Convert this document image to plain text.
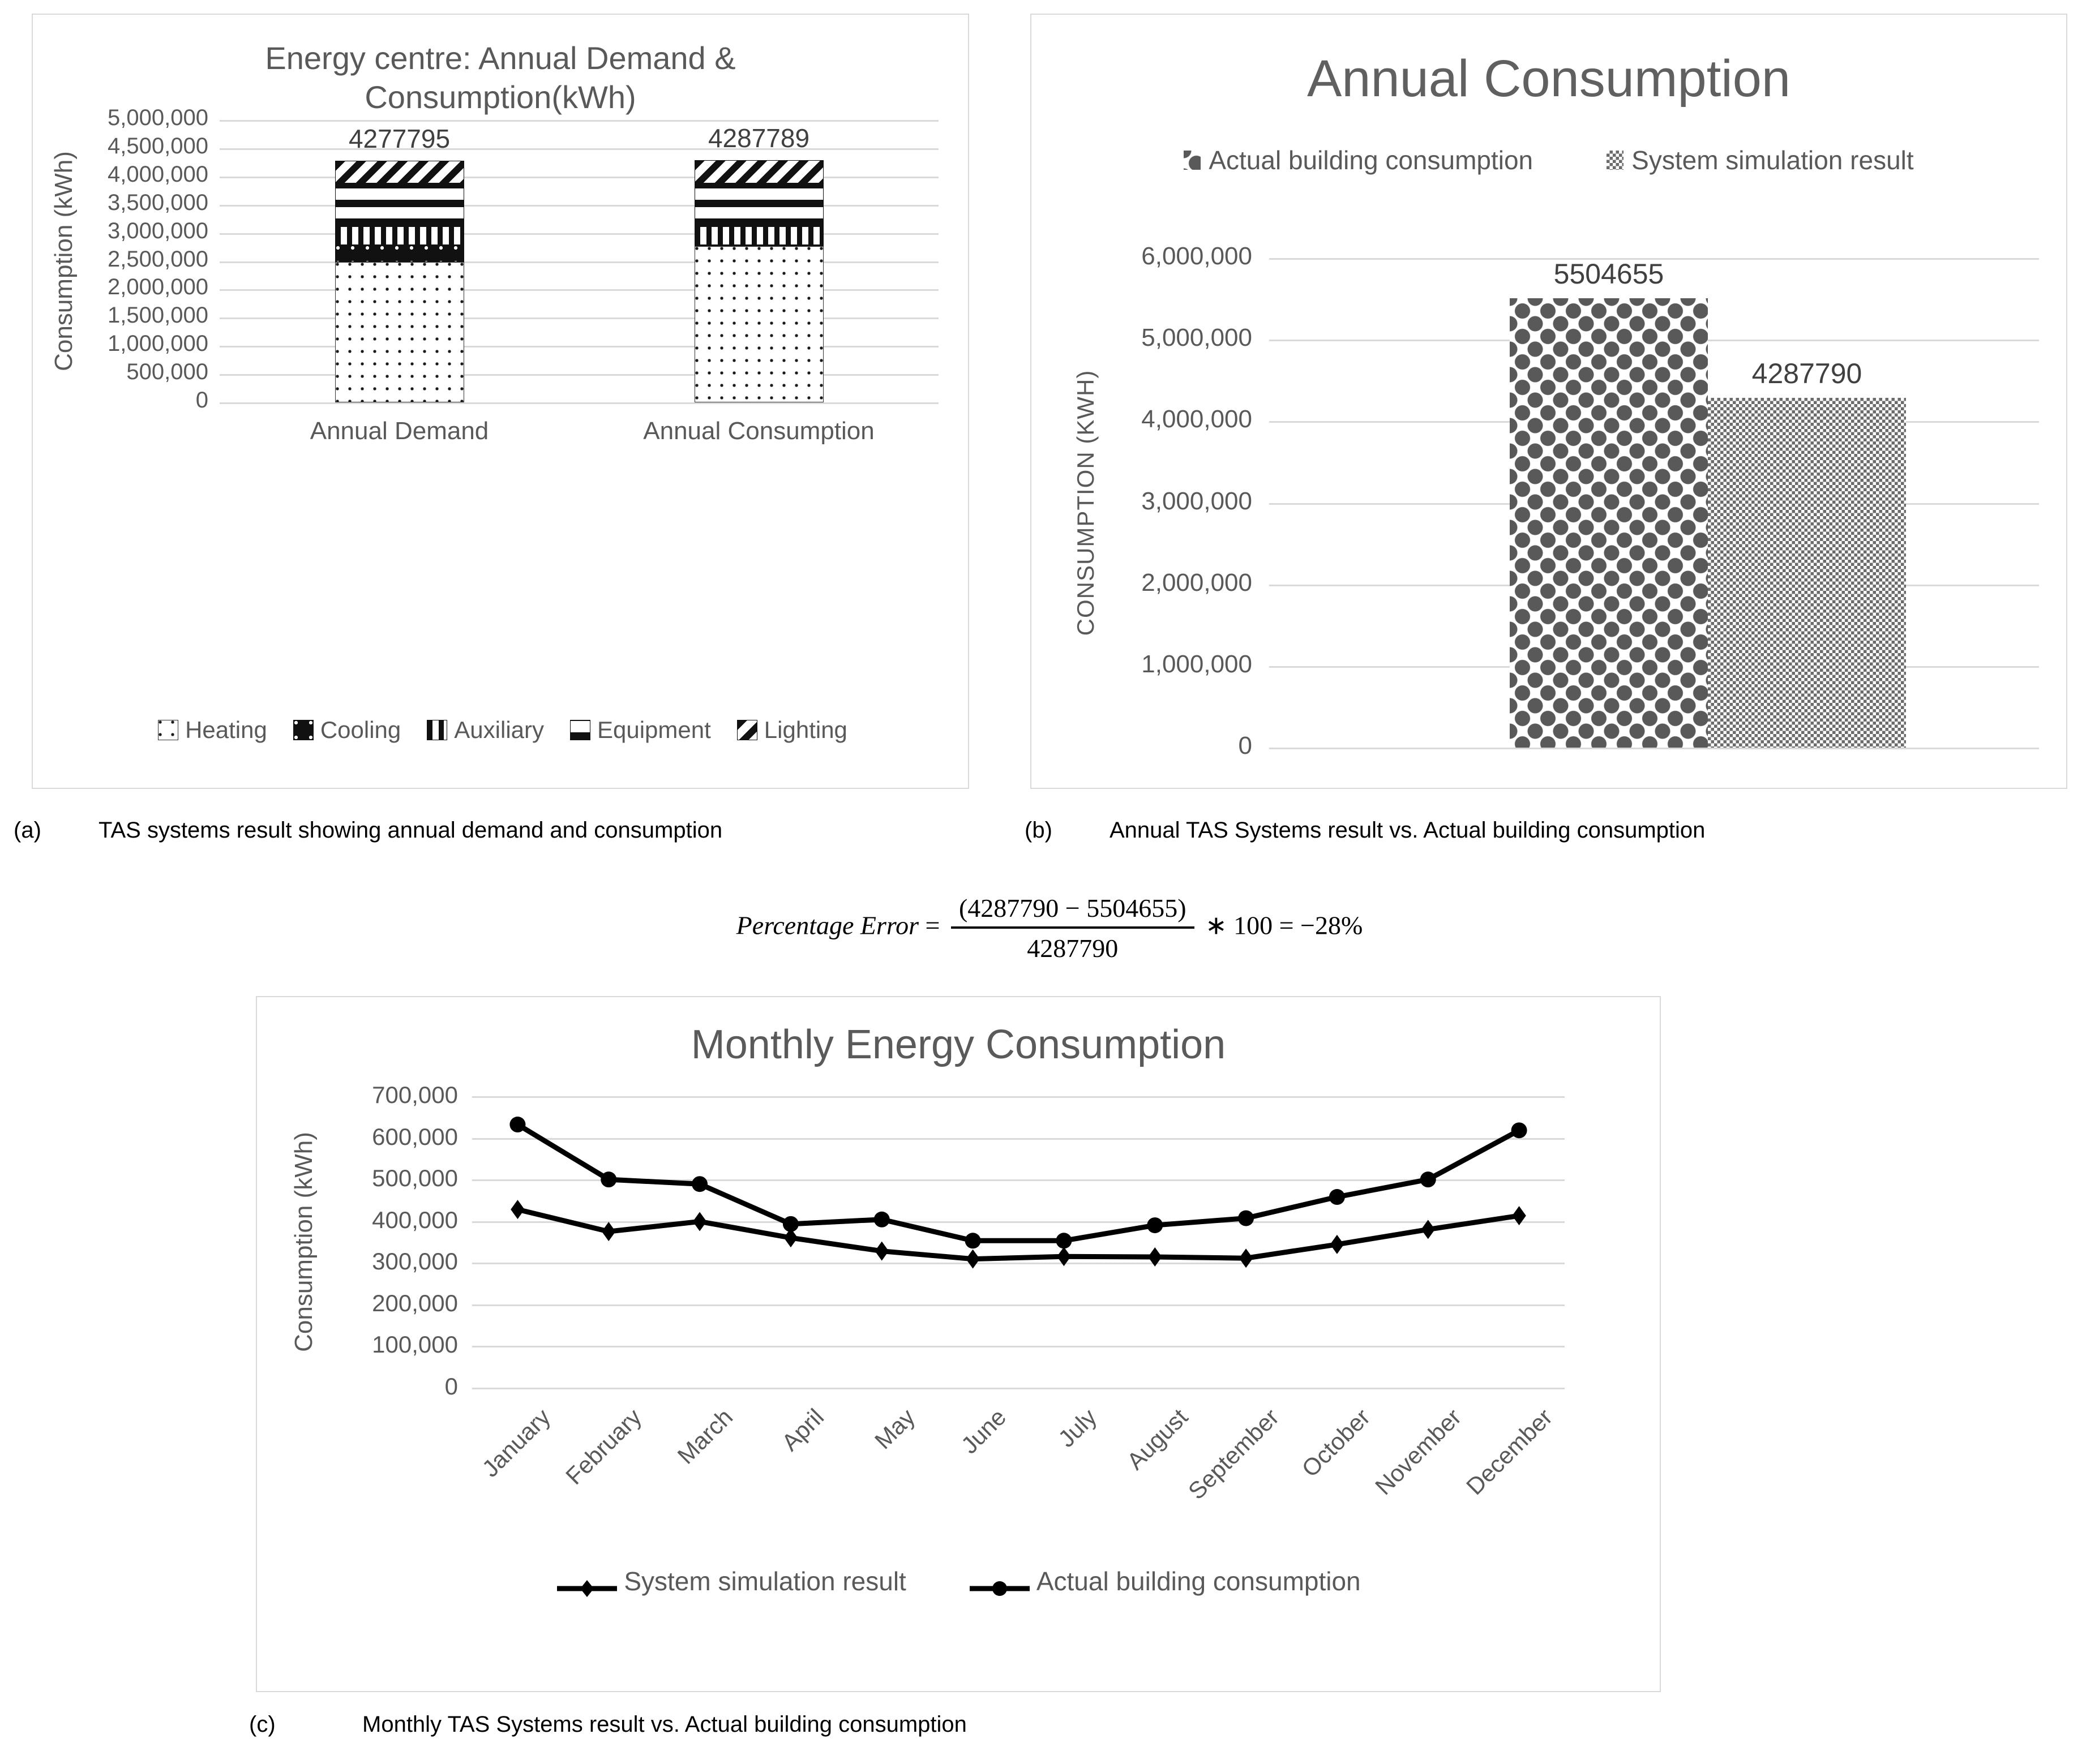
Energy centre: Annual Demand & Consumption(kWh)
0
500,000
1,000,000
1,500,000
2,000,000
2,500,000
3,000,000
3,500,000
4,000,000
4,500,000
5,000,000
Consumption (kWh)
4277795
Annual Demand
4287789
Annual Consumption
Heating Cooling Auxiliary Equipment Lighting
Annual Consumption
Actual building consumption	System simulation result
0
1,000,000
2,000,000
3,000,000
4,000,000
5,000,000
6,000,000
CONSUMPTION (KWH)
5504655
4287790
Monthly Energy Consumption
0
100,000
200,000
300,000
400,000
500,000
600,000
700,000
Consumption (kWh)
January February	March	April	May	June	July August
September October
November
December
System simulation result	Actual building consumption
(a)	TAS systems result showing annual demand and consumption	(b)	Annual TAS Systems result vs. Actual building consumption
(c)	Monthly TAS Systems result vs. Actual building consumption
Percentage Error = $\frac{(4287790 - 5504655)}{4287790}$ ∗ 100 = −28%
